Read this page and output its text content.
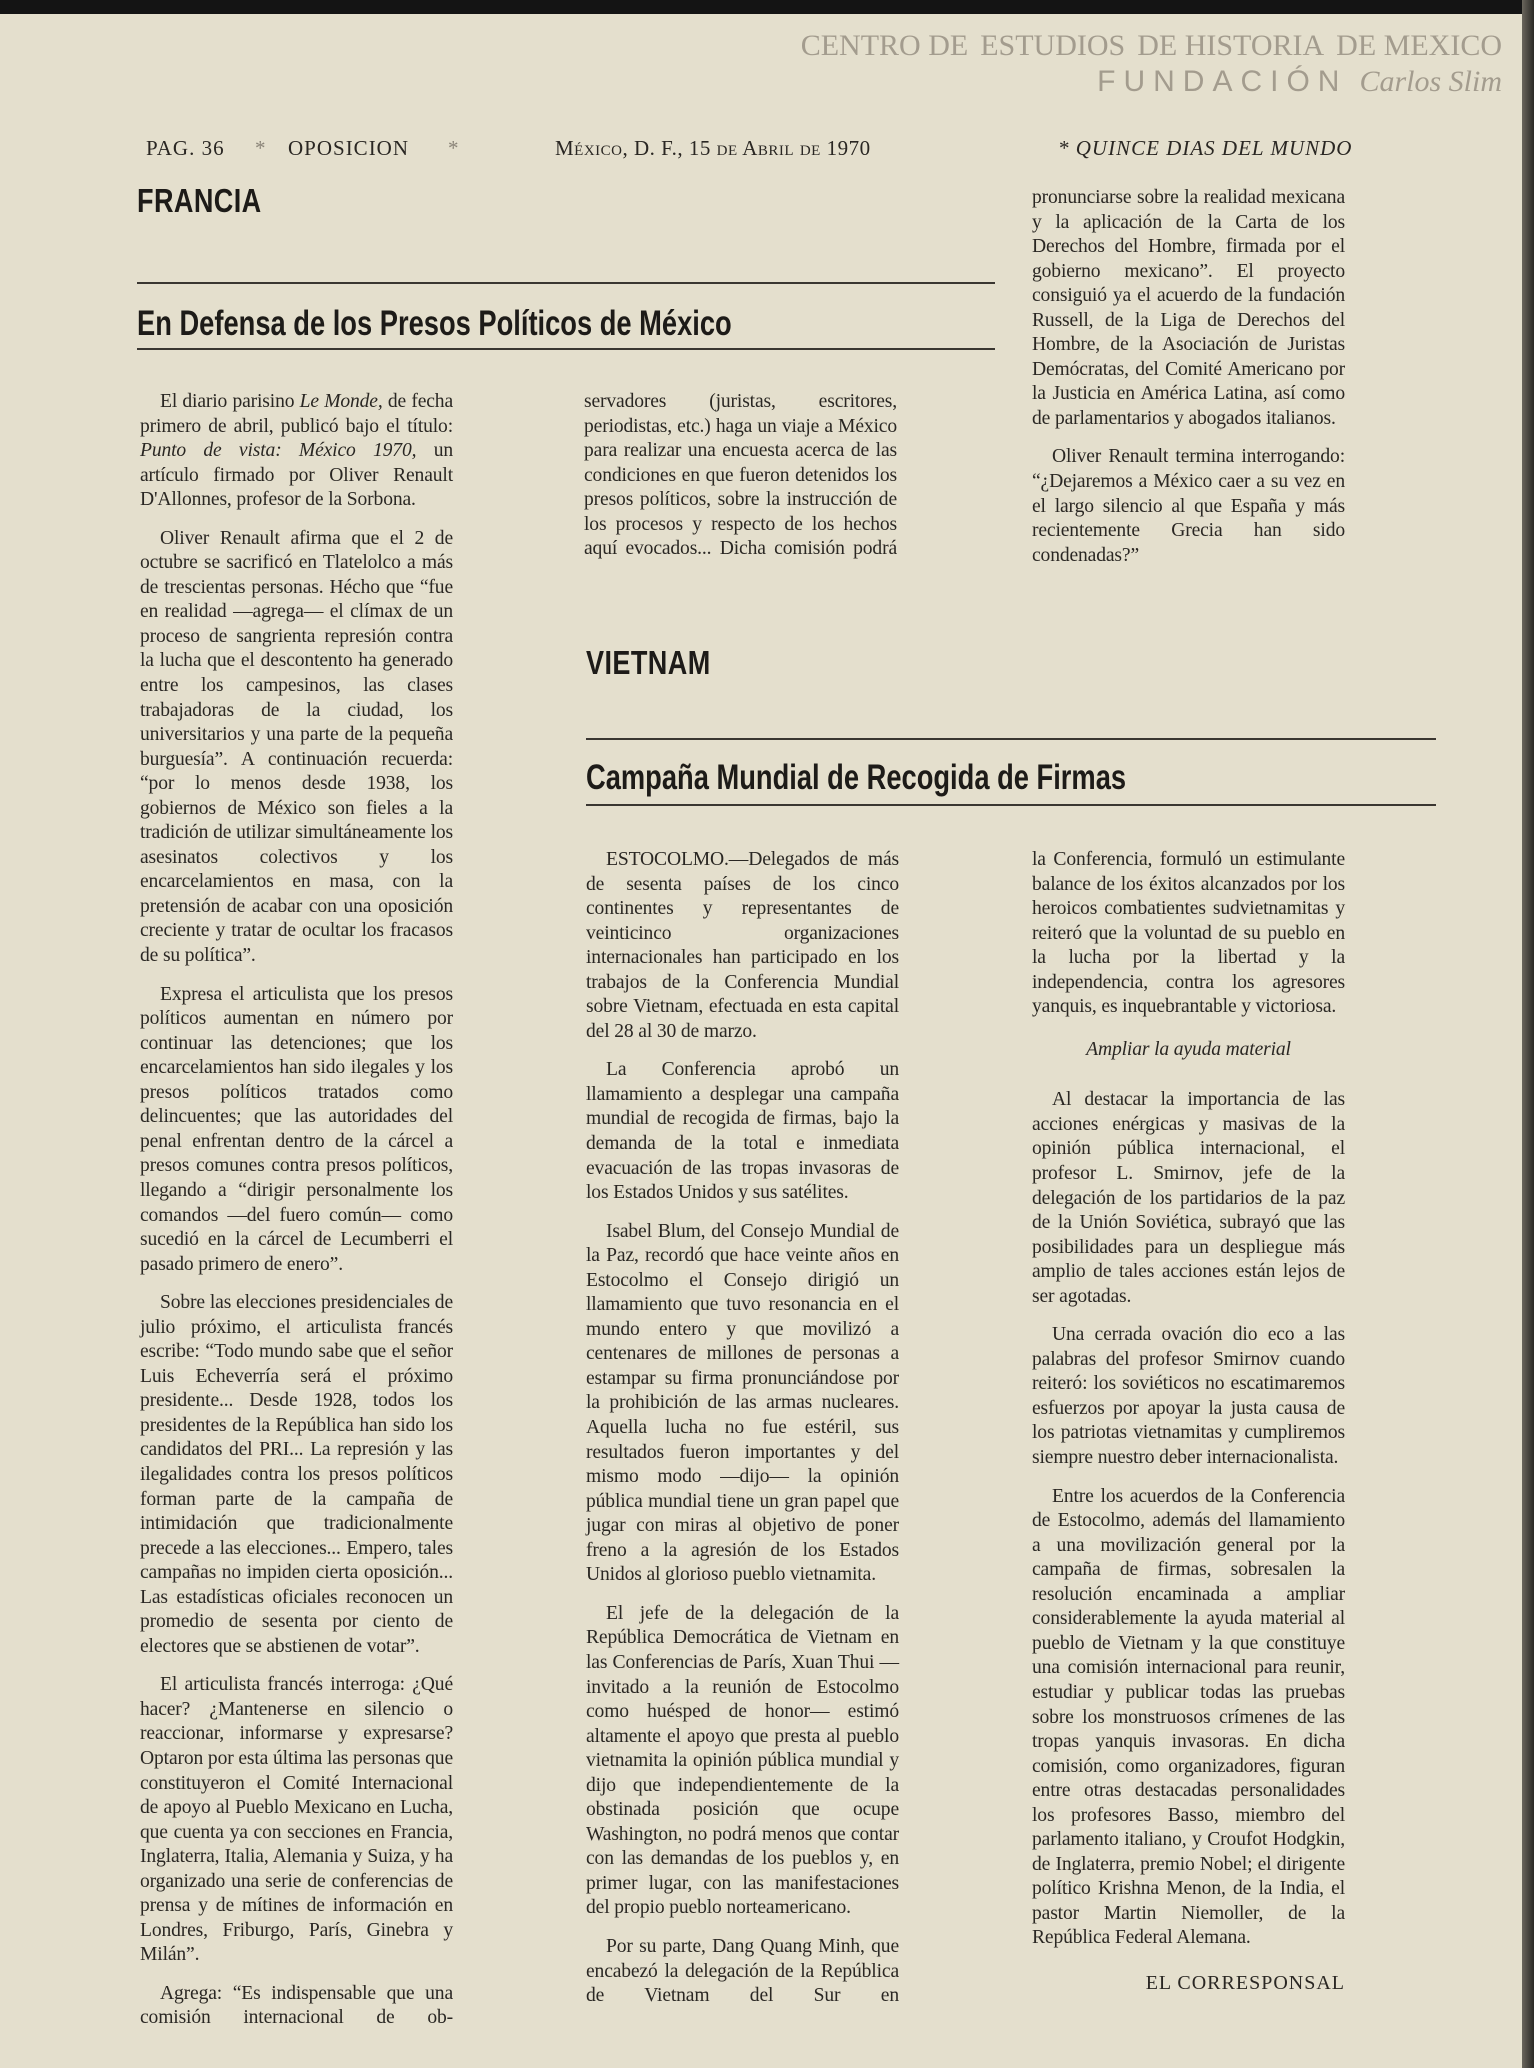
CENTRO DE ESTUDIOS DE HISTORIA DE MEXICO
FUNDACIÓN Carlos Slim
PAG. 36 * OPOSICION *	México, D. F., 15 de Abril de 1970	* QUINCE DIAS DEL MUNDO
FRANCIA
En Defensa de los Presos Políticos de México

El diario parisino Le Monde, de fecha primero de abril, publicó bajo el título: Punto de vista: México 1970, un artículo firmado por Oliver Renault D'Allonnes, profesor de la Sorbona.

Oliver Renault afirma que el 2 de octubre se sacrificó en Tlatelolco a más de trescientas personas. Hécho que “fue en realidad —agrega— el clímax de un proceso de sangrienta represión contra la lucha que el descontento ha generado entre los campesinos, las clases trabajadoras de la ciudad, los universitarios y una parte de la pequeña burguesía”. A continuación recuerda: “por lo menos desde 1938, los gobiernos de México son fieles a la tradición de utilizar simultáneamente los asesinatos colectivos y los encarcelamientos en masa, con la pretensión de acabar con una oposición creciente y tratar de ocultar los fracasos de su política”.

Expresa el articulista que los presos políticos aumentan en número por continuar las detenciones; que los encarcelamientos han sido ilegales y los presos políticos tratados como delincuentes; que las autoridades del penal enfrentan dentro de la cárcel a presos comunes contra presos políticos, llegando a “dirigir personalmente los comandos —del fuero común— como sucedió en la cárcel de Lecumberri el pasado primero de enero”.

Sobre las elecciones presidenciales de julio próximo, el articulista francés escribe: “Todo mundo sabe que el señor Luis Echeverría será el próximo presidente... Desde 1928, todos los presidentes de la República han sido los candidatos del PRI... La represión y las ilegalidades contra los presos políticos forman parte de la campaña de intimidación que tradicionalmente precede a las elecciones... Empero, tales campañas no impiden cierta oposición... Las estadísticas oficiales reconocen un promedio de sesenta por ciento de electores que se abstienen de votar”.

El articulista francés interroga: ¿Qué hacer? ¿Mantenerse en silencio o reaccionar, informarse y expresarse? Optaron por esta última las personas que constituyeron el Comité Internacional de apoyo al Pueblo Mexicano en Lucha, que cuenta ya con secciones en Francia, Inglaterra, Italia, Alemania y Suiza, y ha organizado una serie de conferencias de prensa y de mítines de información en Londres, Friburgo, París, Ginebra y Milán”.

Agrega: “Es indispensable que una comisión internacional de ob-

servadores (juristas, escritores, periodistas, etc.) haga un viaje a México para realizar una encuesta acerca de las condiciones en que fueron detenidos los presos políticos, sobre la instrucción de los procesos y respecto de los hechos aquí evocados... Dicha comisión podrá

pronunciarse sobre la realidad mexicana y la aplicación de la Carta de los Derechos del Hombre, firmada por el gobierno mexicano”. El proyecto consiguió ya el acuerdo de la fundación Russell, de la Liga de Derechos del Hombre, de la Asociación de Juristas Demócratas, del Comité Americano por la Justicia en América Latina, así como de parlamentarios y abogados italianos.

Oliver Renault termina interrogando: “¿Dejaremos a México caer a su vez en el largo silencio al que España y más recientemente Grecia han sido condenadas?”

VIETNAM
Campaña Mundial de Recogida de Firmas

ESTOCOLMO.—Delegados de más de sesenta países de los cinco continentes y representantes de veinticinco organizaciones internacionales han participado en los trabajos de la Conferencia Mundial sobre Vietnam, efectuada en esta capital del 28 al 30 de marzo.

La Conferencia aprobó un llamamiento a desplegar una campaña mundial de recogida de firmas, bajo la demanda de la total e inmediata evacuación de las tropas invasoras de los Estados Unidos y sus satélites.

Isabel Blum, del Consejo Mundial de la Paz, recordó que hace veinte años en Estocolmo el Consejo dirigió un llamamiento que tuvo resonancia en el mundo entero y que movilizó a centenares de millones de personas a estampar su firma pronunciándose por la prohibición de las armas nucleares. Aquella lucha no fue estéril, sus resultados fueron importantes y del mismo modo —dijo— la opinión pública mundial tiene un gran papel que jugar con miras al objetivo de poner freno a la agresión de los Estados Unidos al glorioso pueblo vietnamita.

El jefe de la delegación de la República Democrática de Vietnam en las Conferencias de París, Xuan Thui —invitado a la reunión de Estocolmo como huésped de honor— estimó altamente el apoyo que presta al pueblo vietnamita la opinión pública mundial y dijo que independientemente de la obstinada posición que ocupe Washington, no podrá menos que contar con las demandas de los pueblos y, en primer lugar, con las manifestaciones del propio pueblo norteamericano.

Por su parte, Dang Quang Minh, que encabezó la delegación de la República de Vietnam del Sur en

la Conferencia, formuló un estimulante balance de los éxitos alcanzados por los heroicos combatientes sudvietnamitas y reiteró que la voluntad de su pueblo en la lucha por la libertad y la independencia, contra los agresores yanquis, es inquebrantable y victoriosa.

Ampliar la ayuda material

Al destacar la importancia de las acciones enérgicas y masivas de la opinión pública internacional, el profesor L. Smirnov, jefe de la delegación de los partidarios de la paz de la Unión Soviética, subrayó que las posibilidades para un despliegue más amplio de tales acciones están lejos de ser agotadas.

Una cerrada ovación dio eco a las palabras del profesor Smirnov cuando reiteró: los soviéticos no escatimaremos esfuerzos por apoyar la justa causa de los patriotas vietnamitas y cumpliremos siempre nuestro deber internacionalista.

Entre los acuerdos de la Conferencia de Estocolmo, además del llamamiento a una movilización general por la campaña de firmas, sobresalen la resolución encaminada a ampliar considerablemente la ayuda material al pueblo de Vietnam y la que constituye una comisión internacional para reunir, estudiar y publicar todas las pruebas sobre los monstruosos crímenes de las tropas yanquis invasoras. En dicha comisión, como organizadores, figuran entre otras destacadas personalidades los profesores Basso, miembro del parlamento italiano, y Croufot Hodgkin, de Inglaterra, premio Nobel; el dirigente político Krishna Menon, de la India, el pastor Martin Niemoller, de la República Federal Alemana.

EL CORRESPONSAL
